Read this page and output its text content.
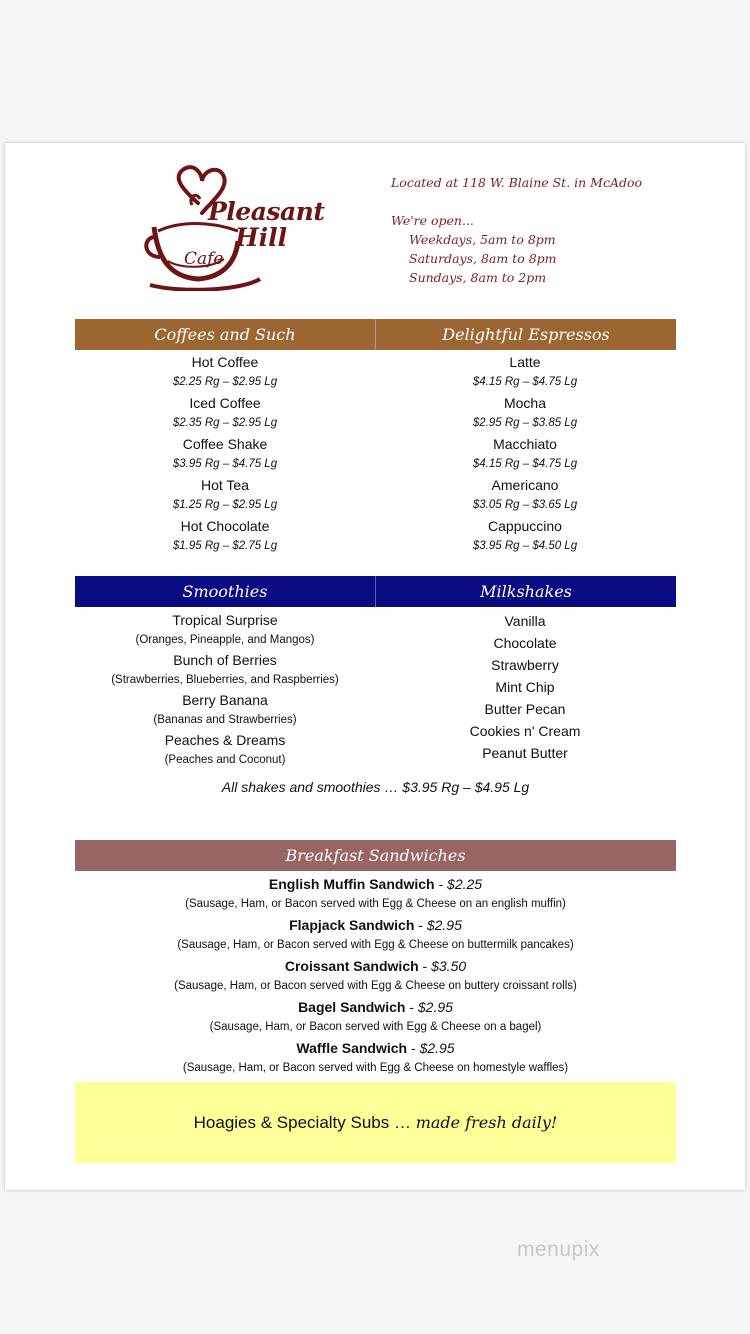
Pleasant
Hill
Cafe
Located at 118 W. Blaine St. in McAdoo
We're open...
Weekdays, 5am to 8pm
Saturdays, 8am to 8pm
Sundays, 8am to 2pm
Coffees and Such	Delightful Espressos
Hot Coffee
$2.25 Rg – $2.95 Lg
Iced Coffee
$2.35 Rg – $2.95 Lg
Coffee Shake
$3.95 Rg – $4.75 Lg
Hot Tea
$1.25 Rg – $2.95 Lg
Hot Chocolate
$1.95 Rg – $2.75 Lg
Latte
$4.15 Rg – $4.75 Lg
Mocha
$2.95 Rg – $3.85 Lg
Macchiato
$4.15 Rg – $4.75 Lg
Americano
$3.05 Rg – $3.65 Lg
Cappuccino
$3.95 Rg – $4.50 Lg
Smoothies	Milkshakes
Tropical Surprise
(Oranges, Pineapple, and Mangos)
Bunch of Berries
(Strawberries, Blueberries, and Raspberries)
Berry Banana
(Bananas and Strawberries)
Peaches & Dreams
(Peaches and Coconut)
Vanilla
Chocolate
Strawberry
Mint Chip
Butter Pecan
Cookies n' Cream
Peanut Butter
All shakes and smoothies … $3.95 Rg – $4.95 Lg
Breakfast Sandwiches
English Muffin Sandwich - $2.25
(Sausage, Ham, or Bacon served with Egg & Cheese on an english muffin)
Flapjack Sandwich - $2.95
(Sausage, Ham, or Bacon served with Egg & Cheese on buttermilk pancakes)
Croissant Sandwich - $3.50
(Sausage, Ham, or Bacon served with Egg & Cheese on buttery croissant rolls)
Bagel Sandwich - $2.95
(Sausage, Ham, or Bacon served with Egg & Cheese on a bagel)
Waffle Sandwich - $2.95
(Sausage, Ham, or Bacon served with Egg & Cheese on homestyle waffles)
Hoagies & Specialty Subs …
made fresh daily!
menupix
